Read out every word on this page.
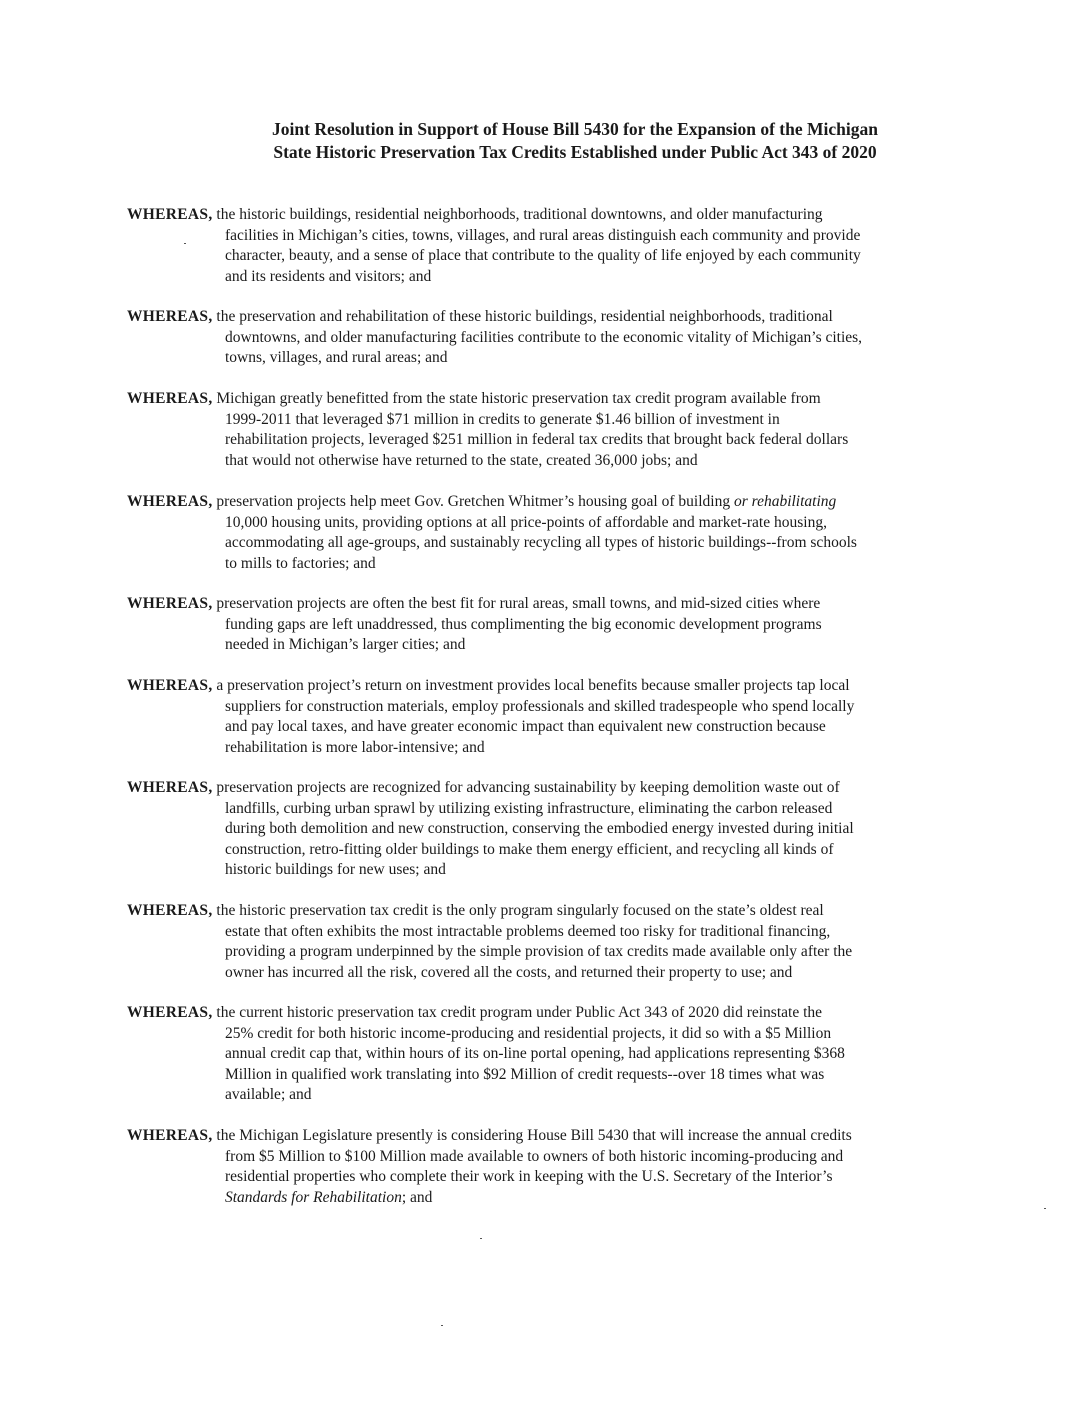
Joint Resolution in Support of House Bill 5430 for the Expansion of the Michigan
State Historic Preservation Tax Credits Established under Public Act 343 of 2020
WHEREAS, the historic buildings, residential neighborhoods, traditional downtowns, and older manufacturing
facilities in Michigan’s cities, towns, villages, and rural areas distinguish each community and provide
character, beauty, and a sense of place that contribute to the quality of life enjoyed by each community
and its residents and visitors; and
WHEREAS, the preservation and rehabilitation of these historic buildings, residential neighborhoods, traditional
downtowns, and older manufacturing facilities contribute to the economic vitality of Michigan’s cities,
towns, villages, and rural areas; and
WHEREAS, Michigan greatly benefitted from the state historic preservation tax credit program available from
1999-2011 that leveraged $71 million in credits to generate $1.46 billion of investment in
rehabilitation projects, leveraged $251 million in federal tax credits that brought back federal dollars
that would not otherwise have returned to the state, created 36,000 jobs; and
WHEREAS, preservation projects help meet Gov. Gretchen Whitmer’s housing goal of building or rehabilitating
10,000 housing units, providing options at all price-points of affordable and market-rate housing,
accommodating all age-groups, and sustainably recycling all types of historic buildings--from schools
to mills to factories; and
WHEREAS, preservation projects are often the best fit for rural areas, small towns, and mid-sized cities where
funding gaps are left unaddressed, thus complimenting the big economic development programs
needed in Michigan’s larger cities; and
WHEREAS, a preservation project’s return on investment provides local benefits because smaller projects tap local
suppliers for construction materials, employ professionals and skilled tradespeople who spend locally
and pay local taxes, and have greater economic impact than equivalent new construction because
rehabilitation is more labor-intensive; and
WHEREAS, preservation projects are recognized for advancing sustainability by keeping demolition waste out of
landfills, curbing urban sprawl by utilizing existing infrastructure, eliminating the carbon released
during both demolition and new construction, conserving the embodied energy invested during initial
construction, retro-fitting older buildings to make them energy efficient, and recycling all kinds of
historic buildings for new uses; and
WHEREAS, the historic preservation tax credit is the only program singularly focused on the state’s oldest real
estate that often exhibits the most intractable problems deemed too risky for traditional financing,
providing a program underpinned by the simple provision of tax credits made available only after the
owner has incurred all the risk, covered all the costs, and returned their property to use; and
WHEREAS, the current historic preservation tax credit program under Public Act 343 of 2020 did reinstate the
25% credit for both historic income-producing and residential projects, it did so with a $5 Million
annual credit cap that, within hours of its on-line portal opening, had applications representing $368
Million in qualified work translating into $92 Million of credit requests--over 18 times what was
available; and
WHEREAS, the Michigan Legislature presently is considering House Bill 5430 that will increase the annual credits
from $5 Million to $100 Million made available to owners of both historic incoming-producing and
residential properties who complete their work in keeping with the U.S. Secretary of the Interior’s
Standards for Rehabilitation; and
